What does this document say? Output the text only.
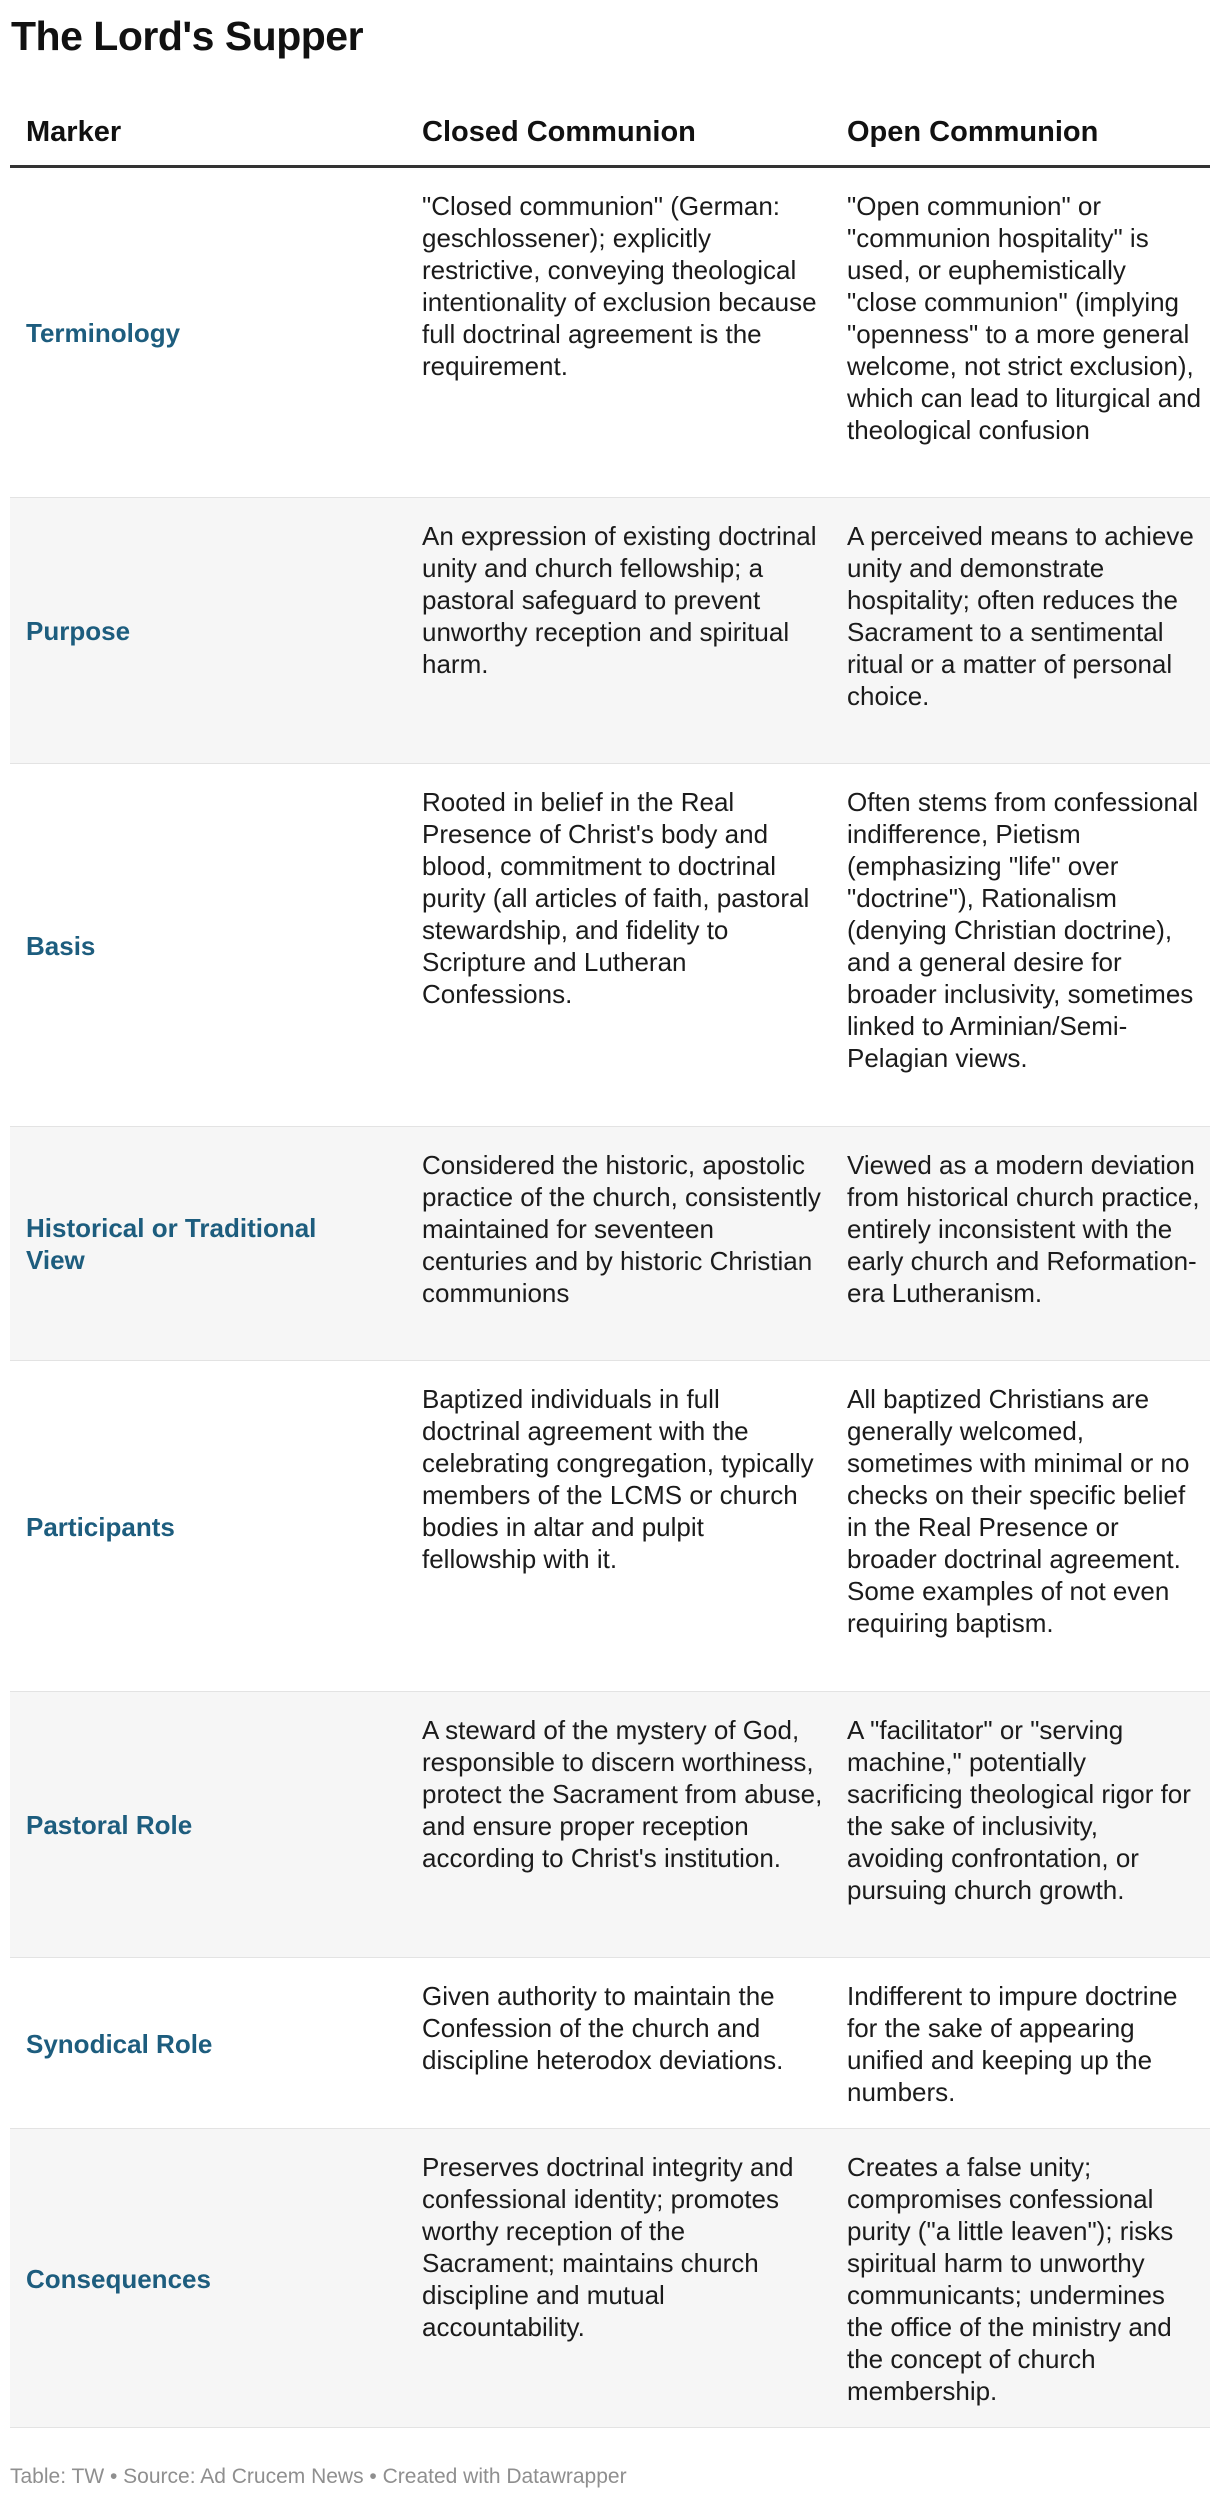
The Lord's Supper
Marker	Closed Communion	Open Communion
Terminology	"Closed communion" (German: geschlossener); explicitly restrictive, conveying theological intentionality of exclusion because full doctrinal agreement is the requirement.	"Open communion" or "communion hospitality" is used, or euphemistically "close communion" (implying "openness" to a more general welcome, not strict exclusion), which can lead to liturgical and theological confusion
Purpose	An expression of existing doctrinal unity and church fellowship; a pastoral safeguard to prevent unworthy reception and spiritual harm.	A perceived means to achieve unity and demonstrate hospitality; often reduces the Sacrament to a sentimental ritual or a matter of personal choice.
Basis	Rooted in belief in the Real Presence of Christ's body and blood, commitment to doctrinal purity (all articles of faith, pastoral stewardship, and fidelity to Scripture and Lutheran Confessions.	Often stems from confessional indifference, Pietism (emphasizing "life" over "doctrine"), Rationalism (denying Christian doctrine), and a general desire for broader inclusivity, sometimes linked to Arminian/Semi-Pelagian views.
Historical or Traditional View	Considered the historic, apostolic practice of the church, consistently maintained for seventeen centuries and by historic Christian communions	Viewed as a modern deviation from historical church practice, entirely inconsistent with the early church and Reformation-era Lutheranism.
Participants	Baptized individuals in full doctrinal agreement with the celebrating congregation, typically members of the LCMS or church bodies in altar and pulpit fellowship with it.	All baptized Christians are generally welcomed, sometimes with minimal or no checks on their specific belief in the Real Presence or broader doctrinal agreement. Some examples of not even requiring baptism.
Pastoral Role	A steward of the mystery of God, responsible to discern worthiness, protect the Sacrament from abuse, and ensure proper reception according to Christ's institution.	A "facilitator" or "serving machine," potentially sacrificing theological rigor for the sake of inclusivity, avoiding confrontation, or pursuing church growth.
Synodical Role	Given authority to maintain the Confession of the church and discipline heterodox deviations.	Indifferent to impure doctrine for the sake of appearing unified and keeping up the numbers.
Consequences	Preserves doctrinal integrity and confessional identity; promotes worthy reception of the Sacrament; maintains church discipline and mutual accountability.	Creates a false unity; compromises confessional purity ("a little leaven"); risks spiritual harm to unworthy communicants; undermines the office of the ministry and the concept of church membership.
Table: TW • Source: Ad Crucem News • Created with Datawrapper
